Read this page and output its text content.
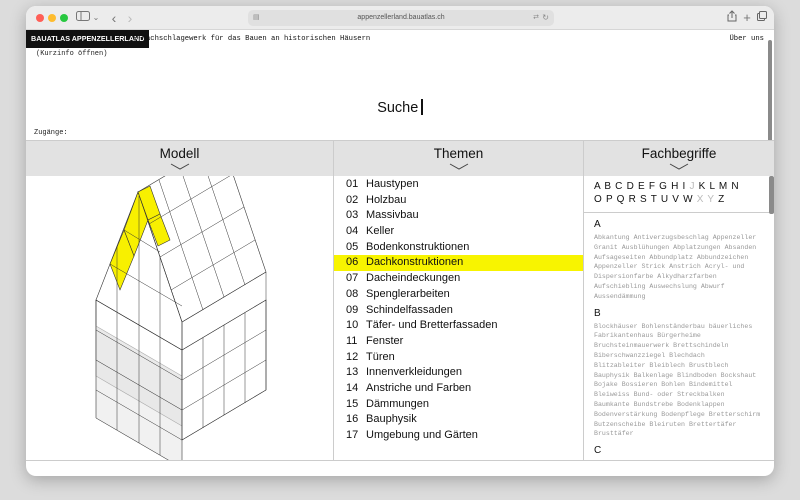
⌄ ‹ ›	▤	appenzellerland.bauatlas.ch	⇄ ↻	+
BAUATLAS APPENZELLERLAND
E-Nachschlagewerk für das Bauen an historischen Häusern	Über uns
(Kurzinfo öffnen)
Suche
Zugänge:
Modell	Themen
01 Haustypen
02 Holzbau
03 Massivbau
04 Keller
05 Bodenkonstruktionen
06 Dachkonstruktionen
07 Dacheindeckungen
08 Spenglerarbeiten
09 Schindelfassaden
10 Täfer- und Bretterfassaden
11 Fenster
12 Türen
13 Innenverkleidungen
14 Anstriche und Farben
15 Dämmungen
16 Bauphysik
17 Umgebung und Gärten
Fachbegriffe
A B C D E F G H I J K L M N
O P Q R S T U V W X Y Z
A
Abkantung Antiverzugsbeschlag Appenzeller
Granit Ausblühungen Abplatzungen Absanden
Aufsageseiten Abbundplatz Abbundzeichen
Appenzeller Strick Anstrich Acryl- und
Dispersionfarbe Alkydharzfarben
Aufschiebling Auswechslung Abwurf
Aussendämmung
B
Blockhäuser Bohlenständerbau bäuerliches
Fabrikantenhaus Bürgerheime
Bruchsteinmauerwerk Brettschindeln
Biberschwanzziegel Blechdach
Blitzableiter Bleiblech Brustblech
Bauphysik Balkenlage Blindboden Bockshaut
Bojake Bossieren Bohlen Bindemittel
Bleiweiss Bund- oder Streckbalken
Baumkante Bundstrebe Bodenklappen
Bodenverstärkung Bodenpflege Bretterschirm
Butzenscheibe Bleiruten Brettertäfer
Brusttäfer
C
